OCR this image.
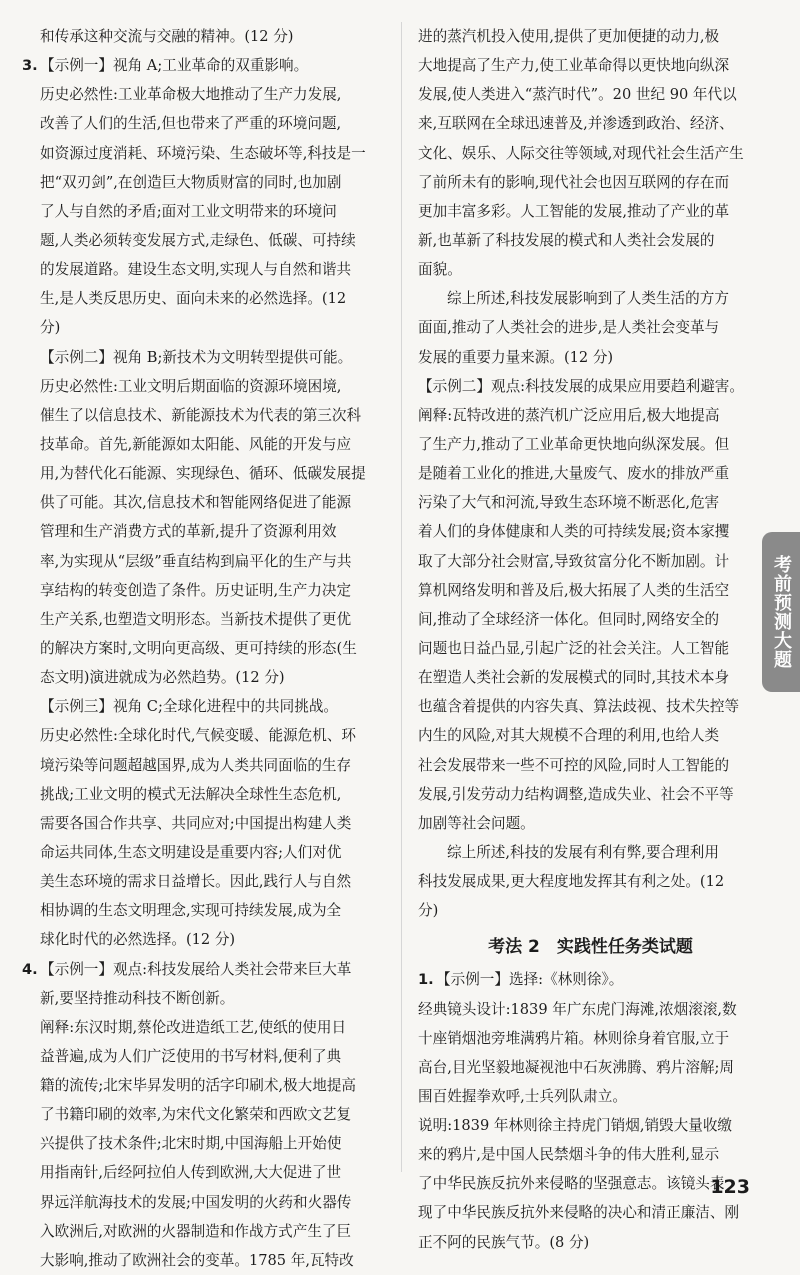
和传承这种交流与交融的精神。(12 分)
3. 【示例一】视角 A;工业革命的双重影响。
历史必然性:工业革命极大地推动了生产力发展,
改善了人们的生活,但也带来了严重的环境问题,
如资源过度消耗、环境污染、生态破坏等,科技是一
把“双刃剑”,在创造巨大物质财富的同时,也加剧
了人与自然的矛盾;面对工业文明带来的环境问
题,人类必须转变发展方式,走绿色、低碳、可持续
的发展道路。建设生态文明,实现人与自然和谐共
生,是人类反思历史、面向未来的必然选择。(12
分)
【示例二】视角 B;新技术为文明转型提供可能。
历史必然性:工业文明后期面临的资源环境困境,
催生了以信息技术、新能源技术为代表的第三次科
技革命。首先,新能源如太阳能、风能的开发与应
用,为替代化石能源、实现绿色、循环、低碳发展提
供了可能。其次,信息技术和智能网络促进了能源
管理和生产消费方式的革新,提升了资源利用效
率,为实现从“层级”垂直结构到扁平化的生产与共
享结构的转变创造了条件。历史证明,生产力决定
生产关系,也塑造文明形态。当新技术提供了更优
的解决方案时,文明向更高级、更可持续的形态(生
态文明)演进就成为必然趋势。(12 分)
【示例三】视角 C;全球化进程中的共同挑战。
历史必然性:全球化时代,气候变暖、能源危机、环
境污染等问题超越国界,成为人类共同面临的生存
挑战;工业文明的模式无法解决全球性生态危机,
需要各国合作共享、共同应对;中国提出构建人类
命运共同体,生态文明建设是重要内容;人们对优
美生态环境的需求日益增长。因此,践行人与自然
相协调的生态文明理念,实现可持续发展,成为全
球化时代的必然选择。(12 分)
4. 【示例一】观点:科技发展给人类社会带来巨大革
新,要坚持推动科技不断创新。
阐释:东汉时期,蔡伦改进造纸工艺,使纸的使用日
益普遍,成为人们广泛使用的书写材料,便利了典
籍的流传;北宋毕昇发明的活字印刷术,极大地提高
了书籍印刷的效率,为宋代文化繁荣和西欧文艺复
兴提供了技术条件;北宋时期,中国海船上开始使
用指南针,后经阿拉伯人传到欧洲,大大促进了世
界远洋航海技术的发展;中国发明的火药和火器传
入欧洲后,对欧洲的火器制造和作战方式产生了巨
大影响,推动了欧洲社会的变革。1785 年,瓦特改
进的蒸汽机投入使用,提供了更加便捷的动力,极
大地提高了生产力,使工业革命得以更快地向纵深
发展,使人类进入“蒸汽时代”。20 世纪 90 年代以
来,互联网在全球迅速普及,并渗透到政治、经济、
文化、娱乐、人际交往等领域,对现代社会生活产生
了前所未有的影响,现代社会也因互联网的存在而
更加丰富多彩。人工智能的发展,推动了产业的革
新,也革新了科技发展的模式和人类社会发展的
面貌。
综上所述,科技发展影响到了人类生活的方方
面面,推动了人类社会的进步,是人类社会变革与
发展的重要力量来源。(12 分)
【示例二】观点:科技发展的成果应用要趋利避害。
阐释:瓦特改进的蒸汽机广泛应用后,极大地提高
了生产力,推动了工业革命更快地向纵深发展。但
是随着工业化的推进,大量废气、废水的排放严重
污染了大气和河流,导致生态环境不断恶化,危害
着人们的身体健康和人类的可持续发展;资本家攫
取了大部分社会财富,导致贫富分化不断加剧。计
算机网络发明和普及后,极大拓展了人类的生活空
间,推动了全球经济一体化。但同时,网络安全的
问题也日益凸显,引起广泛的社会关注。人工智能
在塑造人类社会新的发展模式的同时,其技术本身
也蕴含着提供的内容失真、算法歧视、技术失控等
内生的风险,对其大规模不合理的利用,也给人类
社会发展带来一些不可控的风险,同时人工智能的
发展,引发劳动力结构调整,造成失业、社会不平等
加剧等社会问题。
综上所述,科技的发展有利有弊,要合理利用
科技发展成果,更大程度地发挥其有利之处。(12
分)
考法 2　实践性任务类试题
1. 【示例一】选择:《林则徐》。
经典镜头设计:1839 年广东虎门海滩,浓烟滚滚,数
十座销烟池旁堆满鸦片箱。林则徐身着官服,立于
高台,目光坚毅地凝视池中石灰沸腾、鸦片溶解;周
围百姓握拳欢呼,士兵列队肃立。
说明:1839 年林则徐主持虎门销烟,销毁大量收缴
来的鸦片,是中国人民禁烟斗争的伟大胜利,显示
了中华民族反抗外来侵略的坚强意志。该镜头表
现了中华民族反抗外来侵略的决心和清正廉洁、刚
正不阿的民族气节。(8 分)
考前预测大题
123
